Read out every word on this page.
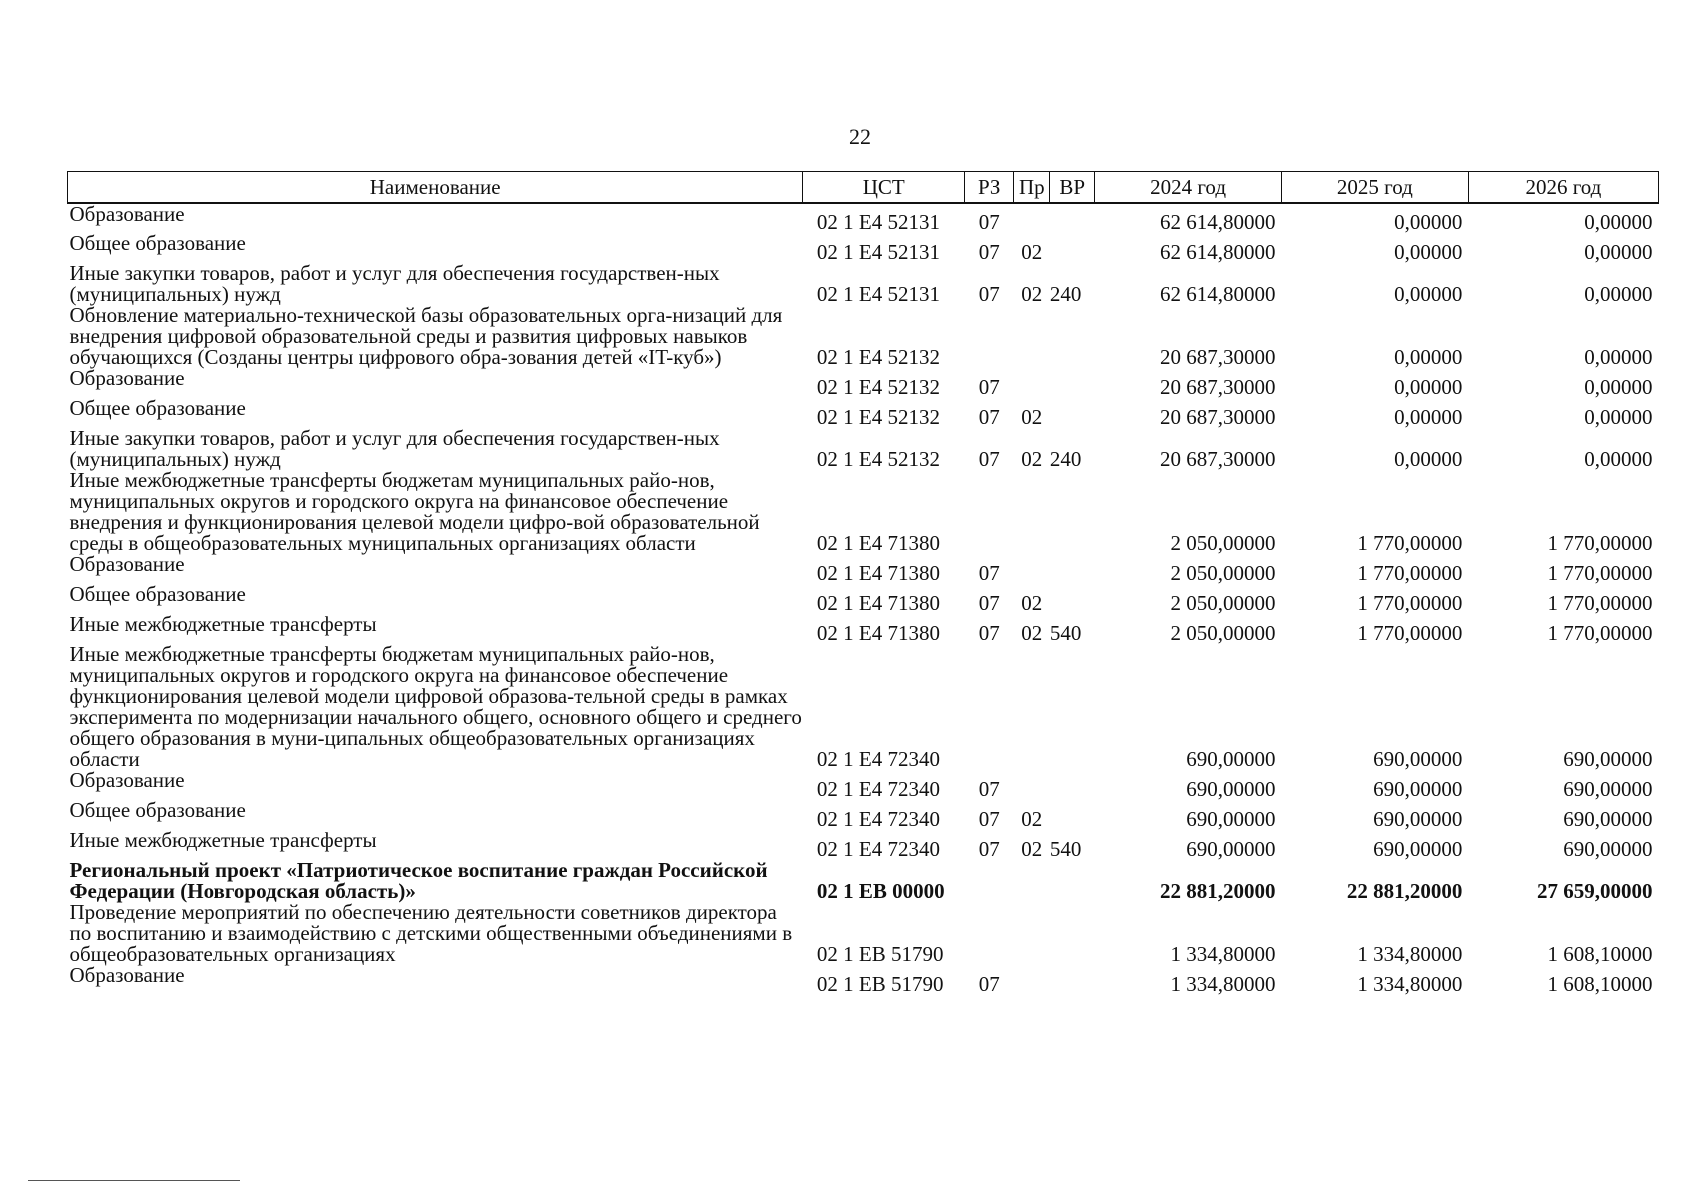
22
Наименование	ЦСТ	РЗ	Пр	ВР	2024 год	2025 год	2026 год
Образование	02 1 Е4 52131	07			62 614,80000	0,00000	0,00000
Общее образование	02 1 Е4 52131	07	02		62 614,80000	0,00000	0,00000
Иные закупки товаров, работ и услуг для обеспечения государствен-ных (муниципальных) нужд	02 1 Е4 52131	07	02	240	62 614,80000	0,00000	0,00000
Обновление материально-технической базы образовательных орга-низаций для внедрения цифровой образовательной среды и развития цифровых навыков обучающихся (Созданы центры цифрового обра-зования детей «IT-куб»)	02 1 Е4 52132				20 687,30000	0,00000	0,00000
Образование	02 1 Е4 52132	07			20 687,30000	0,00000	0,00000
Общее образование	02 1 Е4 52132	07	02		20 687,30000	0,00000	0,00000
Иные закупки товаров, работ и услуг для обеспечения государствен-ных (муниципальных) нужд	02 1 Е4 52132	07	02	240	20 687,30000	0,00000	0,00000
Иные межбюджетные трансферты бюджетам муниципальных райо-нов, муниципальных округов и городского округа на финансовое обеспечение внедрения и функционирования целевой модели цифро-вой образовательной среды в общеобразовательных муниципальных организациях области	02 1 Е4 71380				2 050,00000	1 770,00000	1 770,00000
Образование	02 1 Е4 71380	07			2 050,00000	1 770,00000	1 770,00000
Общее образование	02 1 Е4 71380	07	02		2 050,00000	1 770,00000	1 770,00000
Иные межбюджетные трансферты	02 1 Е4 71380	07	02	540	2 050,00000	1 770,00000	1 770,00000
Иные межбюджетные трансферты бюджетам муниципальных райо-нов, муниципальных округов и городского округа на финансовое обеспечение функционирования целевой модели цифровой образова-тельной среды в рамках эксперимента по модернизации начального общего, основного общего и среднего общего образования в муни-ципальных общеобразовательных организациях области	02 1 Е4 72340				690,00000	690,00000	690,00000
Образование	02 1 Е4 72340	07			690,00000	690,00000	690,00000
Общее образование	02 1 Е4 72340	07	02		690,00000	690,00000	690,00000
Иные межбюджетные трансферты	02 1 Е4 72340	07	02	540	690,00000	690,00000	690,00000
Региональный проект «Патриотическое воспитание граждан Российской Федерации (Новгородская область)»	02 1 ЕВ 00000				22 881,20000	22 881,20000	27 659,00000
Проведение мероприятий по обеспечению деятельности советников директора по воспитанию и взаимодействию с детскими общественными объединениями в общеобразовательных организациях	02 1 ЕВ 51790				1 334,80000	1 334,80000	1 608,10000
Образование	02 1 ЕВ 51790	07			1 334,80000	1 334,80000	1 608,10000
